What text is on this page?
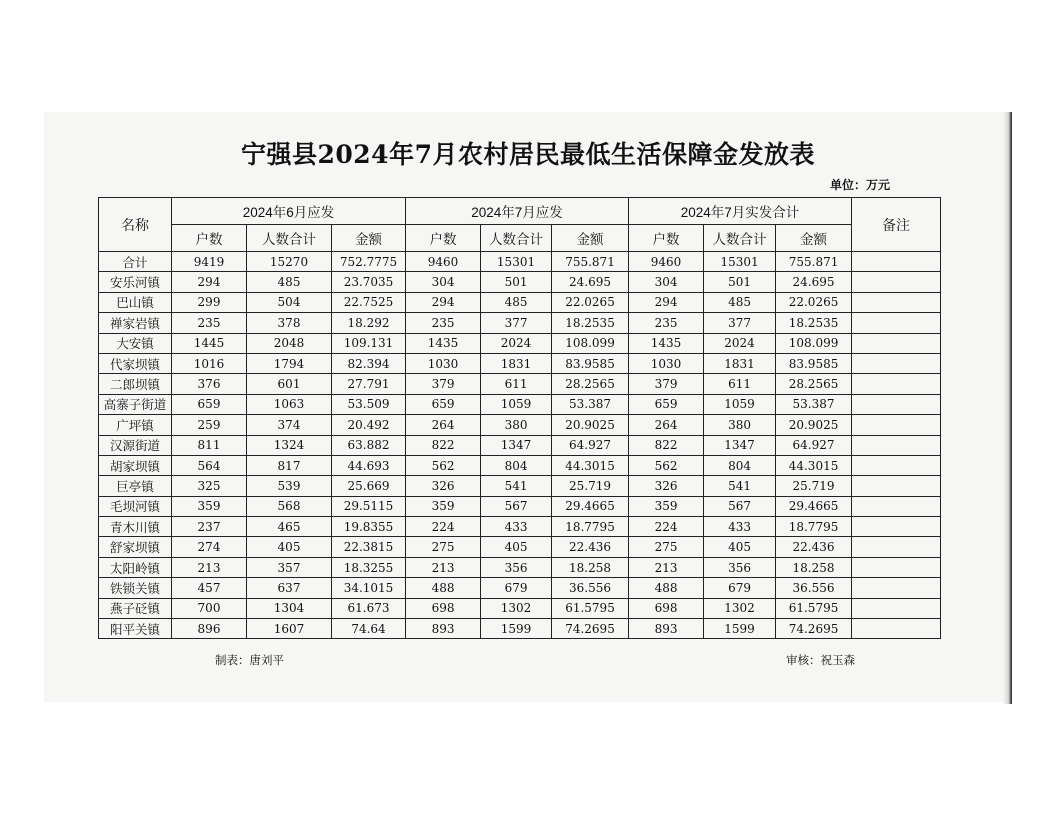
宁强县2024年7月农村居民最低生活保障金发放表
单位：万元
名称	2024年6月应发			2024年7月应发			2024年7月实发合计			备注
	户数	人数合计	金额	户数	人数合计	金额	户数	人数合计	金额	
合计	9419	15270	752.7775	9460	15301	755.871	9460	15301	755.871	
安乐河镇	294	485	23.7035	304	501	24.695	304	501	24.695	
巴山镇	299	504	22.7525	294	485	22.0265	294	485	22.0265	
禅家岩镇	235	378	18.292	235	377	18.2535	235	377	18.2535	
大安镇	1445	2048	109.131	1435	2024	108.099	1435	2024	108.099	
代家坝镇	1016	1794	82.394	1030	1831	83.9585	1030	1831	83.9585	
二郎坝镇	376	601	27.791	379	611	28.2565	379	611	28.2565	
高寨子街道	659	1063	53.509	659	1059	53.387	659	1059	53.387	
广坪镇	259	374	20.492	264	380	20.9025	264	380	20.9025	
汉源街道	811	1324	63.882	822	1347	64.927	822	1347	64.927	
胡家坝镇	564	817	44.693	562	804	44.3015	562	804	44.3015	
巨亭镇	325	539	25.669	326	541	25.719	326	541	25.719	
毛坝河镇	359	568	29.5115	359	567	29.4665	359	567	29.4665	
青木川镇	237	465	19.8355	224	433	18.7795	224	433	18.7795	
舒家坝镇	274	405	22.3815	275	405	22.436	275	405	22.436	
太阳岭镇	213	357	18.3255	213	356	18.258	213	356	18.258	
铁锁关镇	457	637	34.1015	488	679	36.556	488	679	36.556	
燕子砭镇	700	1304	61.673	698	1302	61.5795	698	1302	61.5795	
阳平关镇	896	1607	74.64	893	1599	74.2695	893	1599	74.2695	
制表：唐刘平	审核：祝玉森
